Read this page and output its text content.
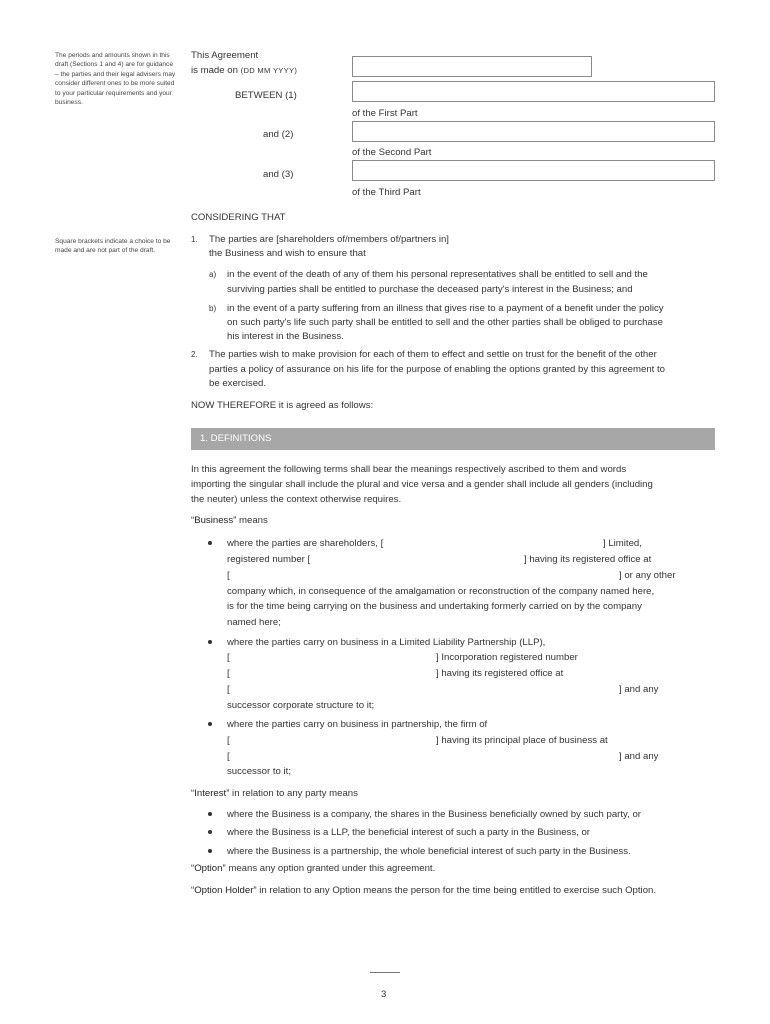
The periods and amounts shown in this draft (Sections 1 and 4) are for guidance – the parties and their legal advisers may consider different ones to be more suited to your particular requirements and your business.
Square brackets indicate a choice to be made and are not part of the draft.
This Agreement
is made on (DD MM YYYY)
BETWEEN (1)
of the First Part
and (2)
of the Second Part
and (3)
of the Third Part
CONSIDERING THAT
1. The parties are [shareholders of/members of/partners in]
the Business and wish to ensure that
a) in the event of the death of any of them his personal representatives shall be entitled to sell and the
surviving parties shall be entitled to purchase the deceased party's interest in the Business; and
b) in the event of a party suffering from an illness that gives rise to a payment of a benefit under the policy
on such party's life such party shall be entitled to sell and the other parties shall be obliged to purchase
his interest in the Business.
2. The parties wish to make provision for each of them to effect and settle on trust for the benefit of the other
parties a policy of assurance on his life for the purpose of enabling the options granted by this agreement to
be exercised.
NOW THEREFORE it is agreed as follows:
1. DEFINITIONS
In this agreement the following terms shall bear the meanings respectively ascribed to them and words
importing the singular shall include the plural and vice versa and a gender shall include all genders (including
the neuter) unless the context otherwise requires.
“Business” means
where the parties are shareholders, [	] Limited,
registered number [	] having its registered office at
[	] or any other
company which, in consequence of the amalgamation or reconstruction of the company named here,
is for the time being carrying on the business and undertaking formerly carried on by the company
named here;
where the parties carry on business in a Limited Liability Partnership (LLP),
[	] Incorporation registered number
[	] having its registered office at
[	] and any
successor corporate structure to it;
where the parties carry on business in partnership, the firm of
[	] having its principal place of business at
[	] and any
successor to it;
“Interest” in relation to any party means
where the Business is a company, the shares in the Business beneficially owned by such party, or
where the Business is a LLP, the beneficial interest of such a party in the Business, or
where the Business is a partnership, the whole beneficial interest of such party in the Business.
“Option” means any option granted under this agreement.
“Option Holder” in relation to any Option means the person for the time being entitled to exercise such Option.
3
